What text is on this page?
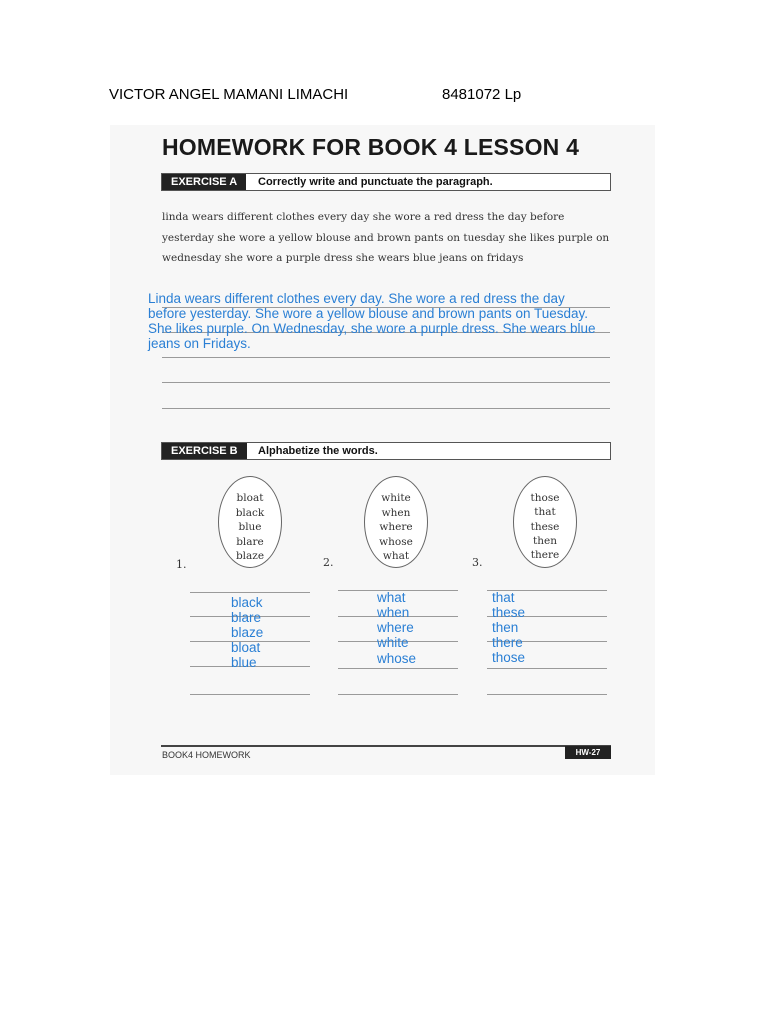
VICTOR ANGEL MAMANI LIMACHI	8481072 Lp
HOMEWORK FOR BOOK 4 LESSON 4
EXERCISE A	Correctly write and punctuate the paragraph.
linda wears different clothes every day she wore a red dress the day before
yesterday she wore a yellow blouse and brown pants on tuesday she likes purple on
wednesday she wore a purple dress she wears blue jeans on fridays
Linda wears different clothes every day. She wore a red dress the day
before yesterday. She wore a yellow blouse and brown pants on Tuesday.
She likes purple. On Wednesday, she wore a purple dress. She wears blue
jeans on Fridays.
EXERCISE B	Alphabetize the words.
bloat
black
blue
blare
blaze
1.
white
when
where
whose
what
2.
those
that
these
then
there
3.
black
blare
blaze
bloat
blue
what
when
where
white
whose
that
these
then
there
those
BOOK4 HOMEWORK	HW-27
